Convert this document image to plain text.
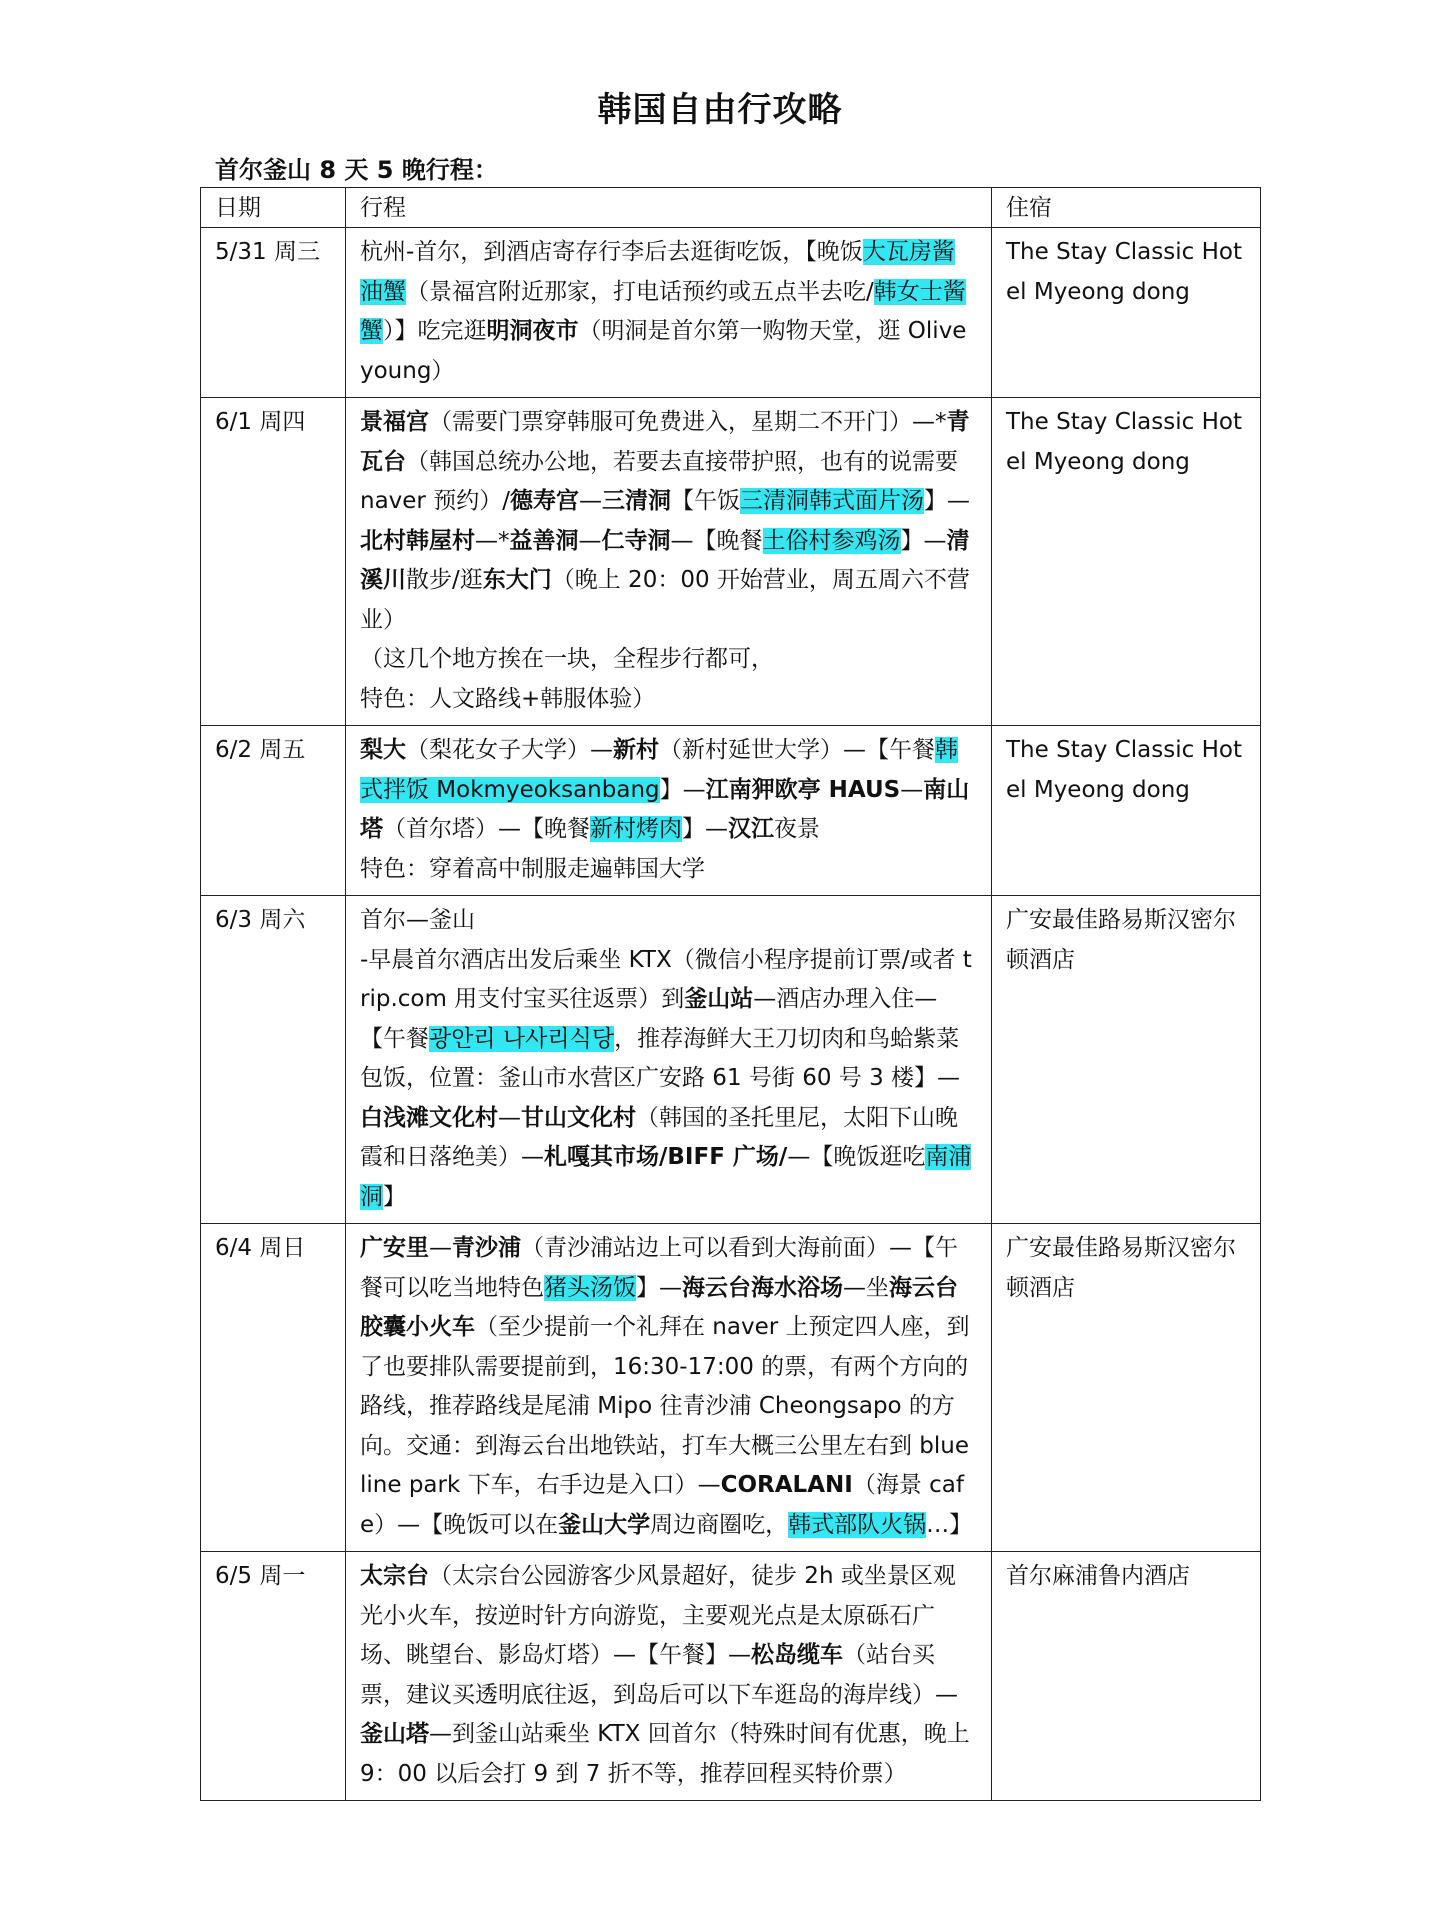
韩国自由行攻略
首尔釜山 8 天 5 晚行程：
日期	行程	住宿
5/31 周三	杭州-首尔，到酒店寄存行李后去逛街吃饭，【晚饭大瓦房酱油蟹（景福宫附近那家，打电话预约或五点半去吃/韩女士酱蟹）】吃完逛明洞夜市（明洞是首尔第一购物天堂，逛 Olive young）	The Stay Classic Hotel Myeong dong
6/1 周四	景福宫（需要门票穿韩服可免费进入，星期二不开门）—*青瓦台（韩国总统办公地，若要去直接带护照，也有的说需要 naver 预约）/德寿宫—三清洞【午饭三清洞韩式面片汤】—北村韩屋村—*益善洞—仁寺洞—【晚餐土俗村参鸡汤】—清溪川散步/逛东大门（晚上 20：00 开始营业，周五周六不营业）
（这几个地方挨在一块，全程步行都可，
特色：人文路线+韩服体验）	The Stay Classic Hotel Myeong dong
6/2 周五	梨大（梨花女子大学）—新村（新村延世大学）—【午餐韩式拌饭 Mokmyeoksanbang】—江南狎欧亭 HAUS—南山塔（首尔塔）—【晚餐新村烤肉】—汉江夜景
特色：穿着高中制服走遍韩国大学	The Stay Classic Hotel Myeong dong
6/3 周六	首尔—釜山
-早晨首尔酒店出发后乘坐 KTX（微信小程序提前订票/或者 trip.com 用支付宝买往返票）到釜山站—酒店办理入住—【午餐광안리 나사리식당，推荐海鲜大王刀切肉和鸟蛤紫菜包饭，位置：釜山市水营区广安路 61 号街 60 号 3 楼】—白浅滩文化村—甘山文化村（韩国的圣托里尼，太阳下山晚霞和日落绝美）—札嘎其市场/BIFF 广场/—【晚饭逛吃南浦洞】	广安最佳路易斯汉密尔顿酒店
6/4 周日	广安里—青沙浦（青沙浦站边上可以看到大海前面）—【午餐可以吃当地特色猪头汤饭】—海云台海水浴场—坐海云台胶囊小火车（至少提前一个礼拜在 naver 上预定四人座，到了也要排队需要提前到，16:30-17:00 的票，有两个方向的路线，推荐路线是尾浦 Mipo 往青沙浦 Cheongsapo 的方向。交通：到海云台出地铁站，打车大概三公里左右到 blue line park 下车，右手边是入口）—CORALANI（海景 cafe）—【晚饭可以在釜山大学周边商圈吃，韩式部队火锅…】	广安最佳路易斯汉密尔顿酒店
6/5 周一	太宗台（太宗台公园游客少风景超好，徒步 2h 或坐景区观光小火车，按逆时针方向游览，主要观光点是太原砾石广场、眺望台、影岛灯塔）—【午餐】—松岛缆车（站台买票，建议买透明底往返，到岛后可以下车逛岛的海岸线）—釜山塔—到釜山站乘坐 KTX 回首尔（特殊时间有优惠，晚上 9：00 以后会打 9 到 7 折不等，推荐回程买特价票）	首尔麻浦鲁内酒店
